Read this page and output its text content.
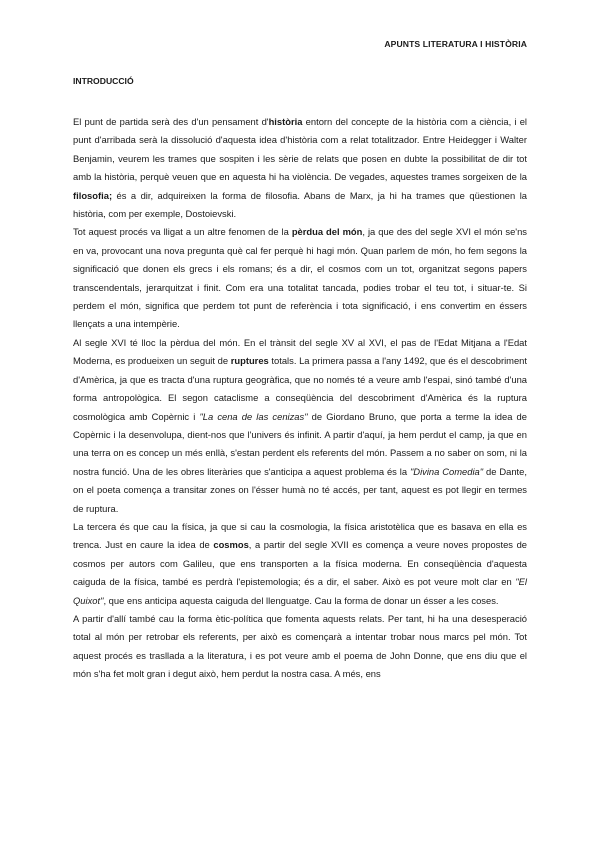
APUNTS LITERATURA I HISTÒRIA
INTRODUCCIÓ

El punt de partida serà des d'un pensament d'història entorn del concepte de la història com a ciència, i el punt d'arribada serà la dissolució d'aquesta idea d'història com a relat totalitzador. Entre Heidegger i Walter Benjamin, veurem les trames que sospiten i les sèrie de relats que posen en dubte la possibilitat de dir tot amb la història, perquè veuen que en aquesta hi ha violència. De vegades, aquestes trames sorgeixen de la filosofia; és a dir, adquireixen la forma de filosofia. Abans de Marx, ja hi ha trames que qüestionen la història, com per exemple, Dostoievski.

Tot aquest procés va lligat a un altre fenomen de la pèrdua del món, ja que des del segle XVI el món se'ns en va, provocant una nova pregunta què cal fer perquè hi hagi món. Quan parlem de món, ho fem segons la significació que donen els grecs i els romans; és a dir, el cosmos com un tot, organitzat segons papers transcendentals, jerarquitzat i finit. Com era una totalitat tancada, podies trobar el teu tot, i situar-te. Si perdem el món, significa que perdem tot punt de referència i tota significació, i ens convertim en éssers llençats a una intempèrie.

Al segle XVI té lloc la pèrdua del món. En el trànsit del segle XV al XVI, el pas de l'Edat Mitjana a l'Edat Moderna, es produeixen un seguit de ruptures totals. La primera passa a l'any 1492, que és el descobriment d'Amèrica, ja que es tracta d'una ruptura geogràfica, que no només té a veure amb l'espai, sinó també d'una forma antropològica. El segon cataclisme a conseqüència del descobriment d'Amèrica és la ruptura cosmològica amb Copèrnic i "La cena de las cenizas" de Giordano Bruno, que porta a terme la idea de Copèrnic i la desenvolupa, dient-nos que l'univers és infinit. A partir d'aquí, ja hem perdut el camp, ja que en una terra on es concep un més enllà, s'estan perdent els referents del món. Passem a no saber on som, ni la nostra funció. Una de les obres literàries que s'anticipa a aquest problema és la "Divina Comedia" de Dante, on el poeta comença a transitar zones on l'ésser humà no té accés, per tant, aquest es pot llegir en termes de ruptura.

La tercera és que cau la física, ja que si cau la cosmologia, la física aristotèlica que es basava en ella es trenca. Just en caure la idea de cosmos, a partir del segle XVII es comença a veure noves propostes de cosmos per autors com Galileu, que ens transporten a la física moderna. En conseqüència d'aquesta caiguda de la física, també es perdrà l'epistemologia; és a dir, el saber. Això es pot veure molt clar en "El Quixot", que ens anticipa aquesta caiguda del llenguatge. Cau la forma de donar un ésser a les coses.

A partir d'allí també cau la forma ètic-política que fomenta aquests relats. Per tant, hi ha una desesperació total al món per retrobar els referents, per això es començarà a intentar trobar nous marcs pel món. Tot aquest procés es trasllada a la literatura, i es pot veure amb el poema de John Donne, que ens diu que el món s'ha fet molt gran i degut això, hem perdut la nostra casa. A més, ens
